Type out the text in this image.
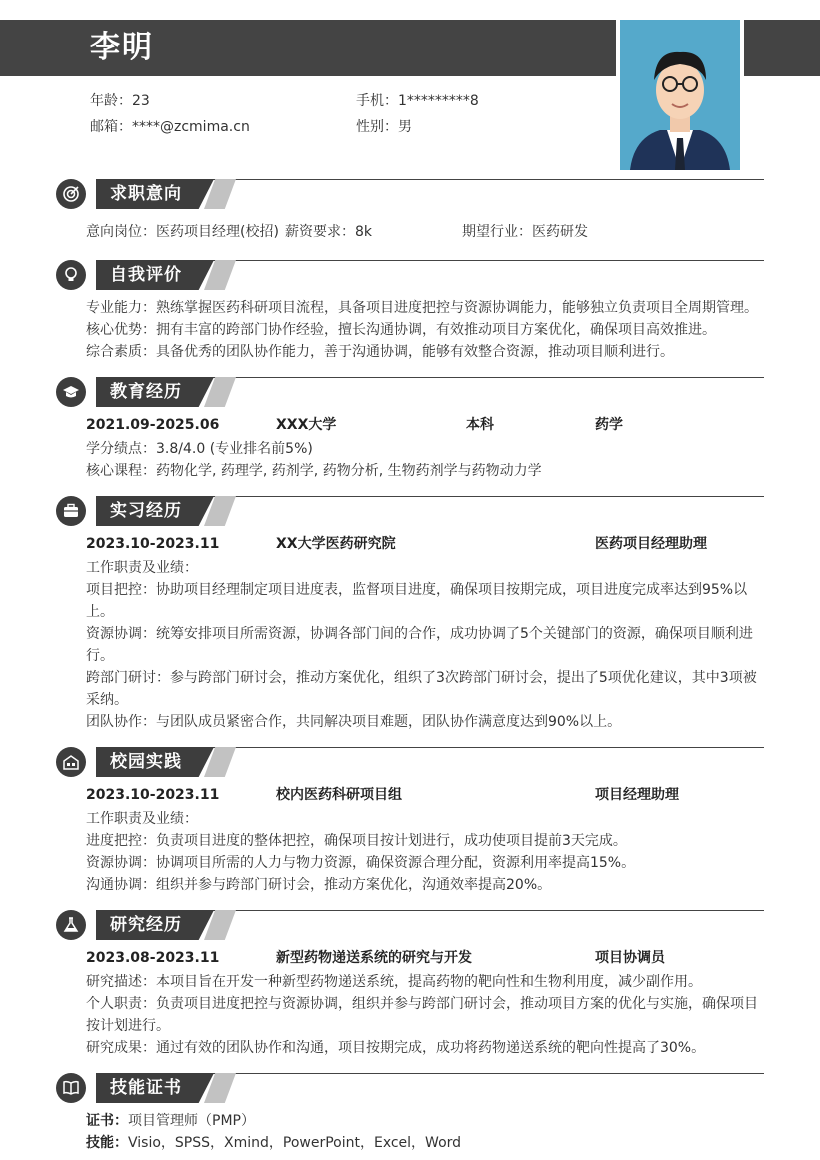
李明
年龄：23	手机：1*********8
邮箱：****@zcmima.cn	性别：男
求职意向
意向岗位：医药项目经理(校招) 薪资要求：8k	期望行业：医药研发
自我评价
专业能力：熟练掌握医药科研项目流程，具备项目进度把控与资源协调能力，能够独立负责项目全周期管理。
核心优势：拥有丰富的跨部门协作经验，擅长沟通协调，有效推动项目方案优化，确保项目高效推进。
综合素质：具备优秀的团队协作能力，善于沟通协调，能够有效整合资源，推动项目顺利进行。
教育经历
2021.09-2025.06	XXX大学	本科	药学
学分绩点：3.8/4.0 (专业排名前5%)
核心课程：药物化学, 药理学, 药剂学, 药物分析, 生物药剂学与药物动力学
实习经历
2023.10-2023.11	XX大学医药研究院	医药项目经理助理
工作职责及业绩：
项目把控：协助项目经理制定项目进度表，监督项目进度，确保项目按期完成，项目进度完成率达到95%以上。
资源协调：统筹安排项目所需资源，协调各部门间的合作，成功协调了5个关键部门的资源，确保项目顺利进行。
跨部门研讨：参与跨部门研讨会，推动方案优化，组织了3次跨部门研讨会，提出了5项优化建议，其中3项被采纳。
团队协作：与团队成员紧密合作，共同解决项目难题，团队协作满意度达到90%以上。
校园实践
2023.10-2023.11	校内医药科研项目组	项目经理助理
工作职责及业绩：
进度把控：负责项目进度的整体把控，确保项目按计划进行，成功使项目提前3天完成。
资源协调：协调项目所需的人力与物力资源，确保资源合理分配，资源利用率提高15%。
沟通协调：组织并参与跨部门研讨会，推动方案优化，沟通效率提高20%。
研究经历
2023.08-2023.11	新型药物递送系统的研究与开发	项目协调员
研究描述：本项目旨在开发一种新型药物递送系统，提高药物的靶向性和生物利用度，减少副作用。
个人职责：负责项目进度把控与资源协调，组织并参与跨部门研讨会，推动项目方案的优化与实施，确保项目按计划进行。
研究成果：通过有效的团队协作和沟通，项目按期完成，成功将药物递送系统的靶向性提高了30%。
技能证书
证书：项目管理师（PMP）
技能：Visio，SPSS，Xmind，PowerPoint，Excel，Word
